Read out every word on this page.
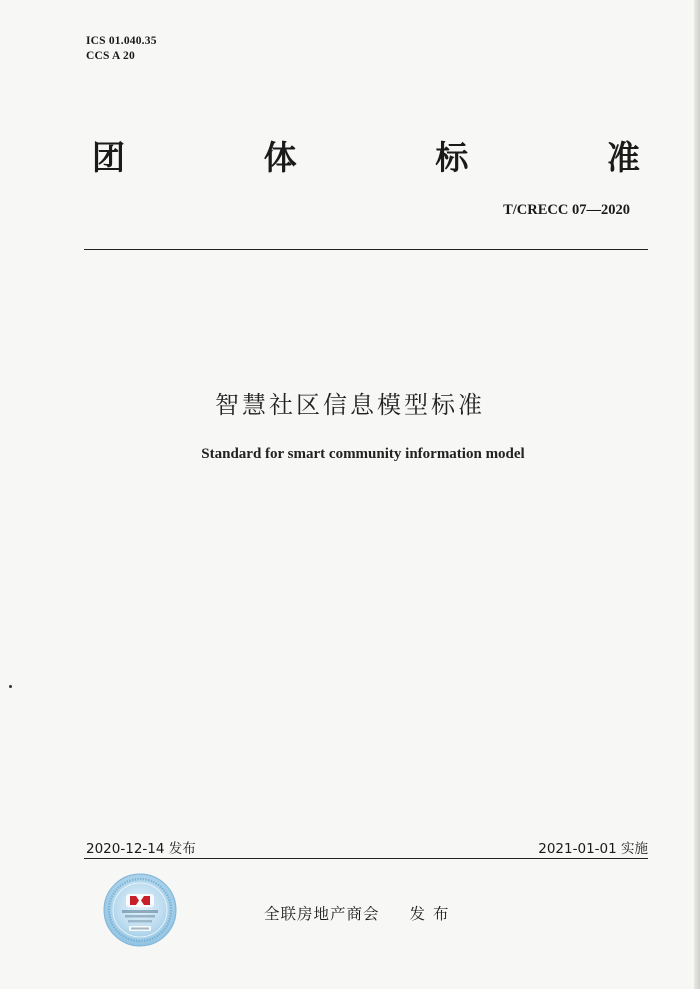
ICS 01.040.35
CCS A 20
团	体	标	准
T/CRECC 07—2020
智慧社区信息模型标准
Standard for smart community information model
2020-12-14 发布	2021-01-01 实施
全联房地产商会 发布
